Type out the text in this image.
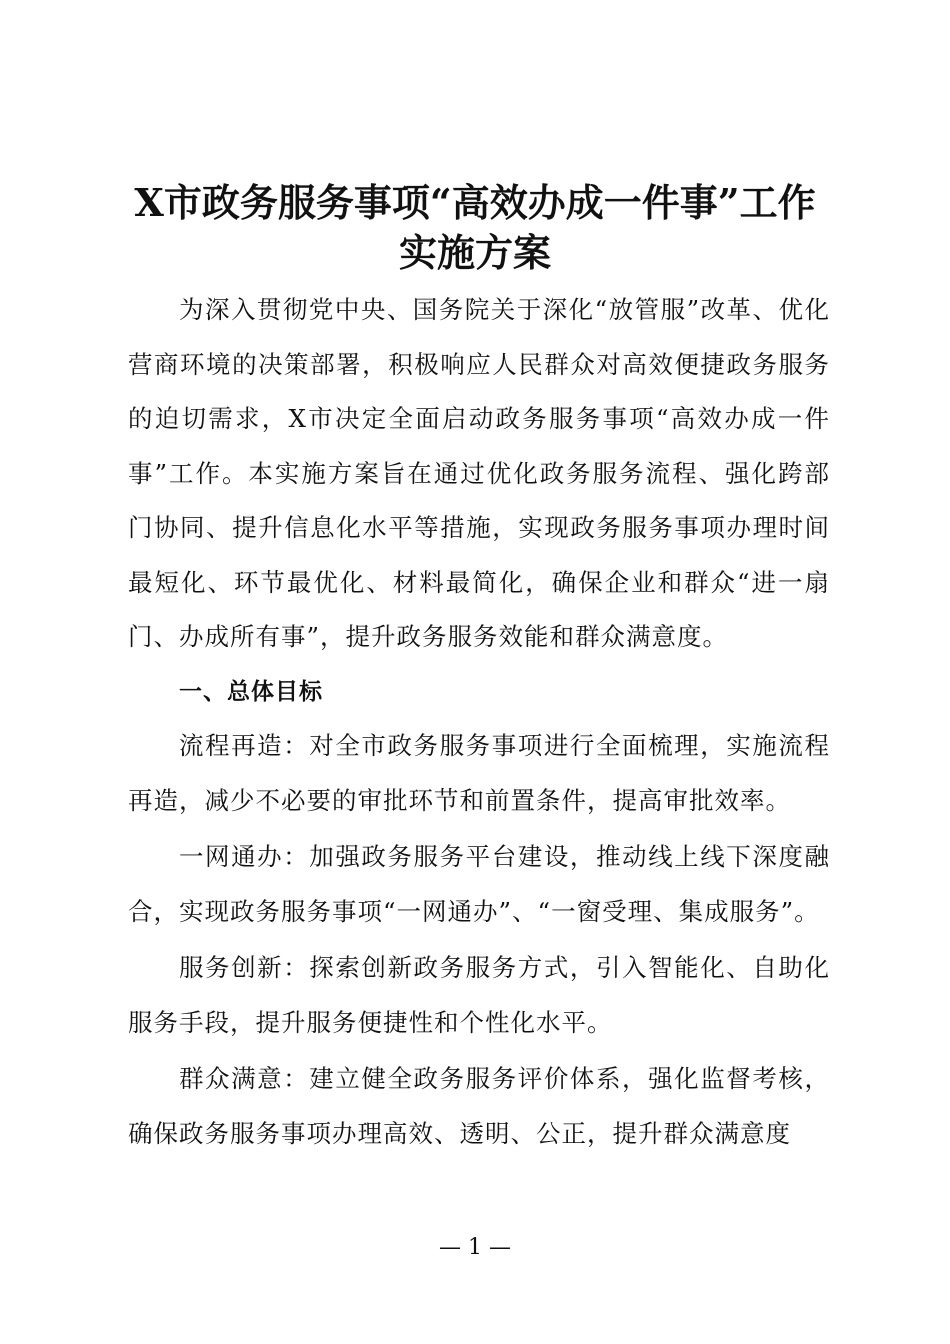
X市政务服务事项“高效办成一件事”工作
实施方案

为深入贯彻党中央、国务院关于深化“放管服”改革、优化营商环境的决策部署，积极响应人民群众对高效便捷政务服务的迫切需求，X市决定全面启动政务服务事项“高效办成一件事”工作。本实施方案旨在通过优化政务服务流程、强化跨部门协同、提升信息化水平等措施，实现政务服务事项办理时间最短化、环节最优化、材料最简化，确保企业和群众“进一扇门、办成所有事”，提升政务服务效能和群众满意度。

一、总体目标

流程再造：对全市政务服务事项进行全面梳理，实施流程再造，减少不必要的审批环节和前置条件，提高审批效率。

一网通办：加强政务服务平台建设，推动线上线下深度融合，实现政务服务事项“一网通办”、“一窗受理、集成服务”。

服务创新：探索创新政务服务方式，引入智能化、自助化服务手段，提升服务便捷性和个性化水平。

群众满意：建立健全政务服务评价体系，强化监督考核，确保政务服务事项办理高效、透明、公正，提升群众满意度

— 1 —
